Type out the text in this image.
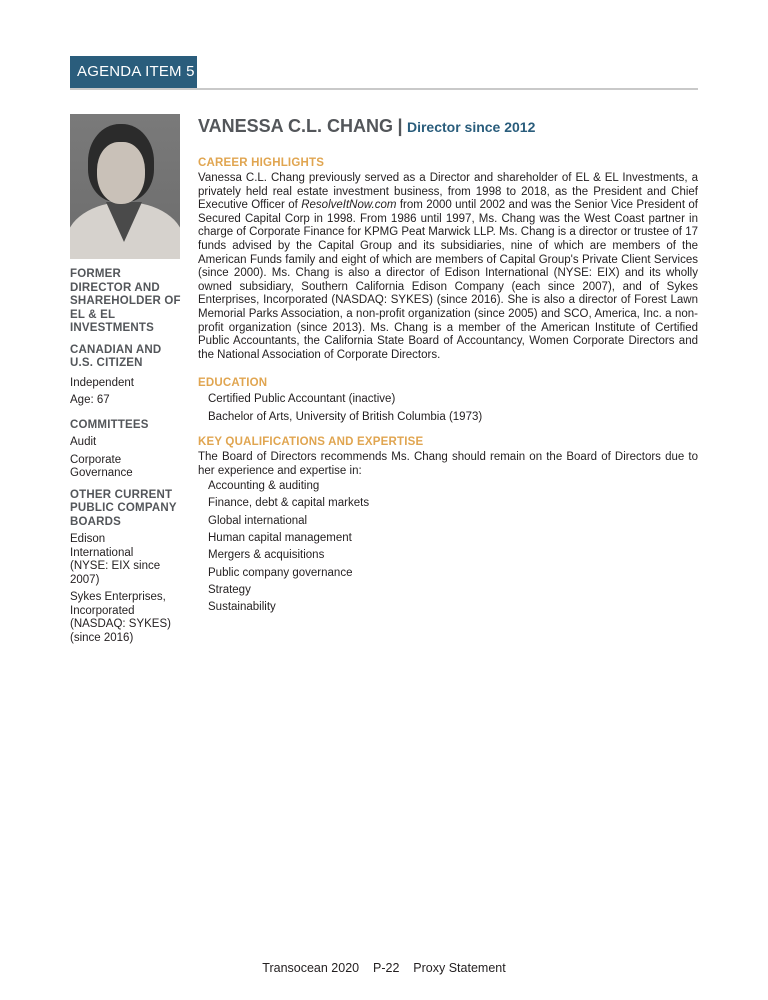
AGENDA ITEM 5
FORMER DIRECTOR AND SHAREHOLDER OF EL & EL INVESTMENTS
CANADIAN AND U.S. CITIZEN
Independent
Age: 67
COMMITTEES
Audit
Corporate Governance
OTHER CURRENT PUBLIC COMPANY BOARDS
Edison International (NYSE: EIX since 2007)
Sykes Enterprises, Incorporated (NASDAQ: SYKES) (since 2016)
VANESSA C.L. CHANG | Director since 2012
CAREER HIGHLIGHTS

Vanessa C.L. Chang previously served as a Director and shareholder of EL & EL Investments, a privately held real estate investment business, from 1998 to 2018, as the President and Chief Executive Officer of ResolveItNow.com from 2000 until 2002 and was the Senior Vice President of Secured Capital Corp in 1998. From 1986 until 1997, Ms. Chang was the West Coast partner in charge of Corporate Finance for KPMG Peat Marwick LLP. Ms. Chang is a director or trustee of 17 funds advised by the Capital Group and its subsidiaries, nine of which are members of the American Funds family and eight of which are members of Capital Group's Private Client Services (since 2000). Ms. Chang is also a director of Edison International (NYSE: EIX) and its wholly owned subsidiary, Southern California Edison Company (each since 2007), and of Sykes Enterprises, Incorporated (NASDAQ: SYKES) (since 2016). She is also a director of Forest Lawn Memorial Parks Association, a non-profit organization (since 2005) and SCO, America, Inc. a non-profit organization (since 2013). Ms. Chang is a member of the American Institute of Certified Public Accountants, the California State Board of Accountancy, Women Corporate Directors and the National Association of Corporate Directors.

EDUCATION
Certified Public Accountant (inactive)
Bachelor of Arts, University of British Columbia (1973)
KEY QUALIFICATIONS AND EXPERTISE

The Board of Directors recommends Ms. Chang should remain on the Board of Directors due to her experience and expertise in:

Accounting & auditing
Finance, debt & capital markets
Global international
Human capital management
Mergers & acquisitions
Public company governance
Strategy
Sustainability
Transocean 2020    P-22    Proxy Statement
